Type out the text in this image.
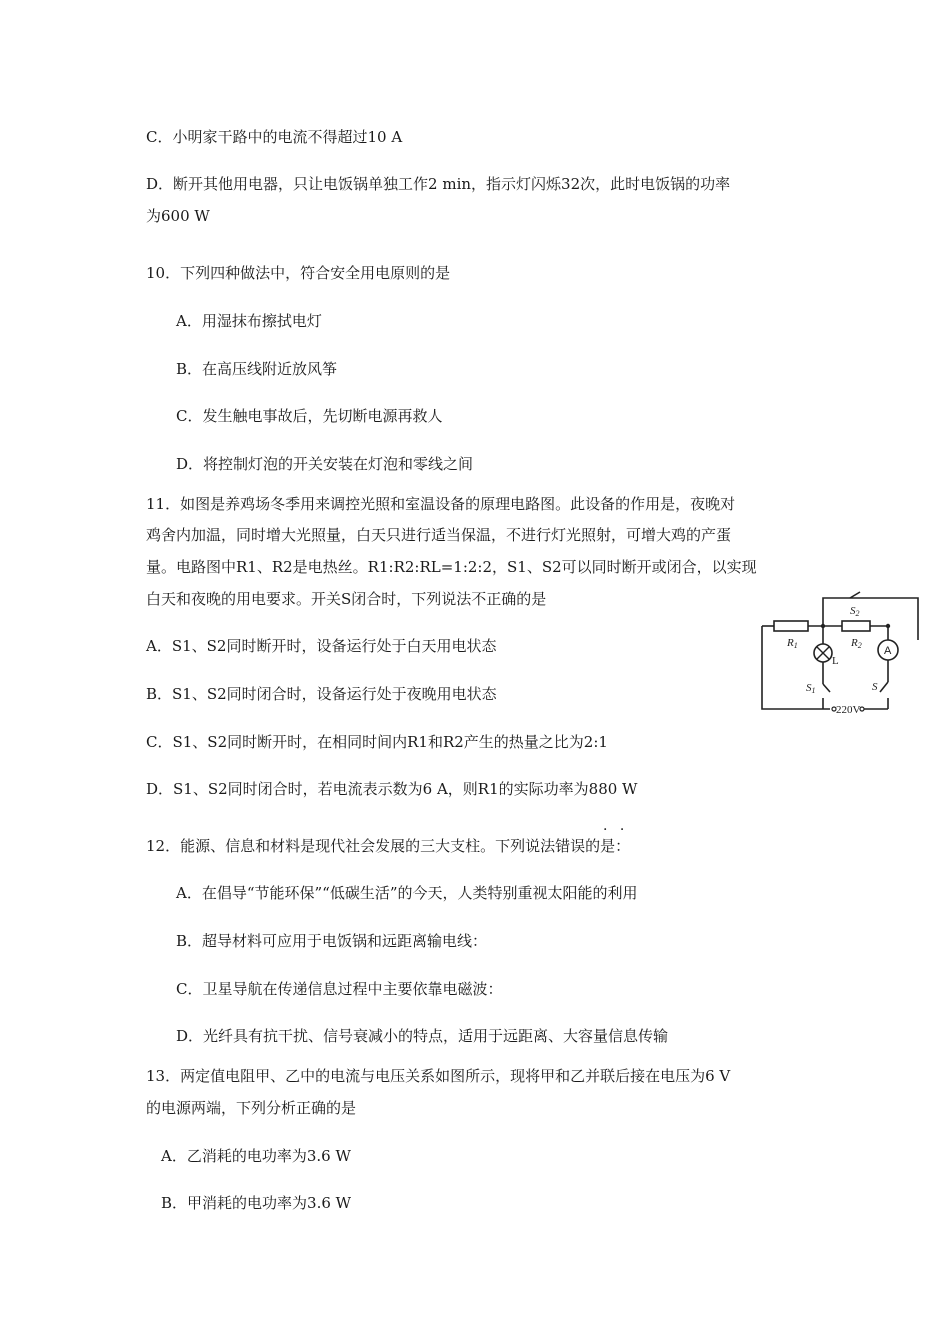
C．小明家干路中的电流不得超过10 A
D．断开其他用电器，只让电饭锅单独工作2 min，指示灯闪烁32次，此时电饭锅的功率
为600 W
10．下列四种做法中，符合安全用电原则的是
A．用湿抹布擦拭电灯
B．在高压线附近放风筝
C．发生触电事故后，先切断电源再救人
D．将控制灯泡的开关安装在灯泡和零线之间
11．如图是养鸡场冬季用来调控光照和室温设备的原理电路图。此设备的作用是，夜晚对
鸡舍内加温，同时增大光照量，白天只进行适当保温，不进行灯光照射，可增大鸡的产蛋
量。电路图中R1、R2是电热丝。R1:R2:RL=1:2:2，S1、S2可以同时断开或闭合，以实现
白天和夜晚的用电要求。开关S闭合时，下列说法不正确的是
A．S1、S2同时断开时，设备运行处于白天用电状态
B．S1、S2同时闭合时，设备运行处于夜晚用电状态
C．S1、S2同时断开时，在相同时间内R1和R2产生的热量之比为2:1
D．S1、S2同时闭合时，若电流表示数为6 A，则R1的实际功率为880 W
· ·
12．能源、信息和材料是现代社会发展的三大支柱。下列说法错误的是：
A．在倡导“节能环保”“低碳生活”的今天，人类特别重视太阳能的利用
B．超导材料可应用于电饭锅和远距离输电线：
C．卫星导航在传递信息过程中主要依靠电磁波：
D．光纤具有抗干扰、信号衰减小的特点，适用于远距离、大容量信息传输
13．两定值电阻甲、乙中的电流与电压关系如图所示，现将甲和乙并联后接在电压为6 V
的电源两端，下列分析正确的是
A．乙消耗的电功率为3.6 W
B．甲消耗的电功率为3.6 W
R1	R2
S2
S1	S
L
A
220V
